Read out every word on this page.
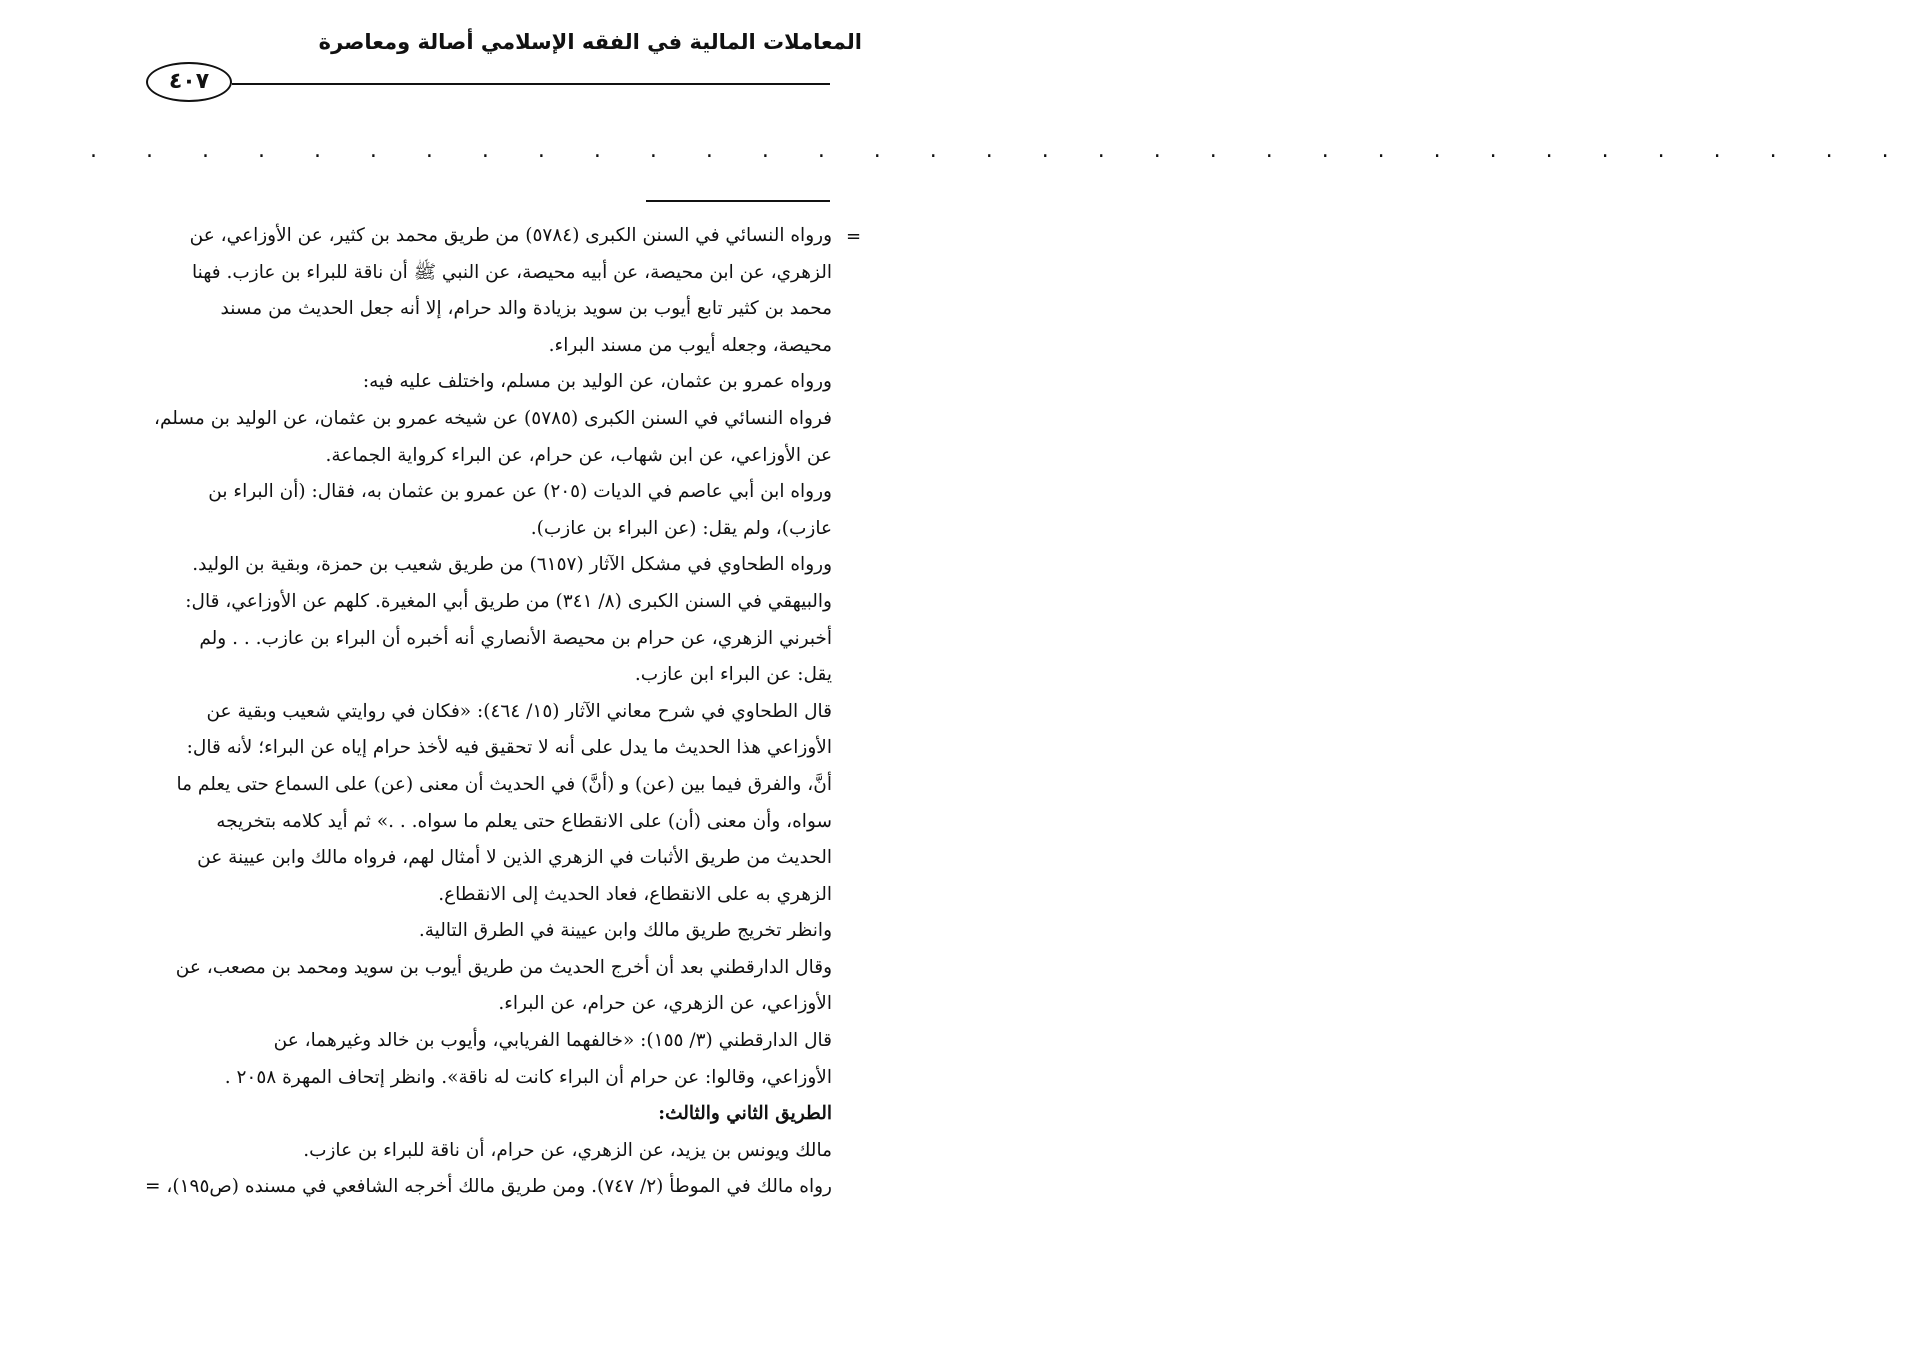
المعاملات المالية في الفقه الإسلامي أصالة ومعاصرة
٤٠٧
. . . . . . . . . . . . . . . . . . . . . . . . . . . . . . . . .
=
ورواه النسائي في السنن الكبرى (٥٧٨٤) من طريق محمد بن كثير، عن الأوزاعي، عن
الزهري، عن ابن محيصة، عن أبيه محيصة، عن النبي ﷺ أن ناقة للبراء بن عازب. فهنا
محمد بن كثير تابع أيوب بن سويد بزيادة والد حرام، إلا أنه جعل الحديث من مسند
محيصة، وجعله أيوب من مسند البراء.
ورواه عمرو بن عثمان، عن الوليد بن مسلم، واختلف عليه فيه:
فرواه النسائي في السنن الكبرى (٥٧٨٥) عن شيخه عمرو بن عثمان، عن الوليد بن مسلم،
عن الأوزاعي، عن ابن شهاب، عن حرام، عن البراء كرواية الجماعة.
ورواه ابن أبي عاصم في الديات (٢٠٥) عن عمرو بن عثمان به، فقال: (أن البراء بن
عازب)، ولم يقل: (عن البراء بن عازب).
ورواه الطحاوي في مشكل الآثار (٦١٥٧) من طريق شعيب بن حمزة، وبقية بن الوليد.
والبيهقي في السنن الكبرى (٨/ ٣٤١) من طريق أبي المغيرة. كلهم عن الأوزاعي، قال:
أخبرني الزهري، عن حرام بن محيصة الأنصاري أنه أخبره أن البراء بن عازب. . . ولم
يقل: عن البراء ابن عازب.
قال الطحاوي في شرح معاني الآثار (١٥/ ٤٦٤): «فكان في روايتي شعيب وبقية عن
الأوزاعي هذا الحديث ما يدل على أنه لا تحقيق فيه لأخذ حرام إياه عن البراء؛ لأنه قال:
أنَّ، والفرق فيما بين (عن) و (أنَّ) في الحديث أن معنى (عن) على السماع حتى يعلم ما
سواه، وأن معنى (أن) على الانقطاع حتى يعلم ما سواه. . .» ثم أيد كلامه بتخريجه
الحديث من طريق الأثبات في الزهري الذين لا أمثال لهم، فرواه مالك وابن عيينة عن
الزهري به على الانقطاع، فعاد الحديث إلى الانقطاع.
وانظر تخريج طريق مالك وابن عيينة في الطرق التالية.
وقال الدارقطني بعد أن أخرج الحديث من طريق أيوب بن سويد ومحمد بن مصعب، عن
الأوزاعي، عن الزهري، عن حرام، عن البراء.
قال الدارقطني (٣/ ١٥٥): «خالفهما الفريابي، وأيوب بن خالد وغيرهما، عن
الأوزاعي، وقالوا: عن حرام أن البراء كانت له ناقة». وانظر إتحاف المهرة ٢٠٥٨ .
الطريق الثاني والثالث:
مالك ويونس بن يزيد، عن الزهري، عن حرام، أن ناقة للبراء بن عازب.
رواه مالك في الموطأ (٢/ ٧٤٧). ومن طريق مالك أخرجه الشافعي في مسنده (ص١٩٥)، =
